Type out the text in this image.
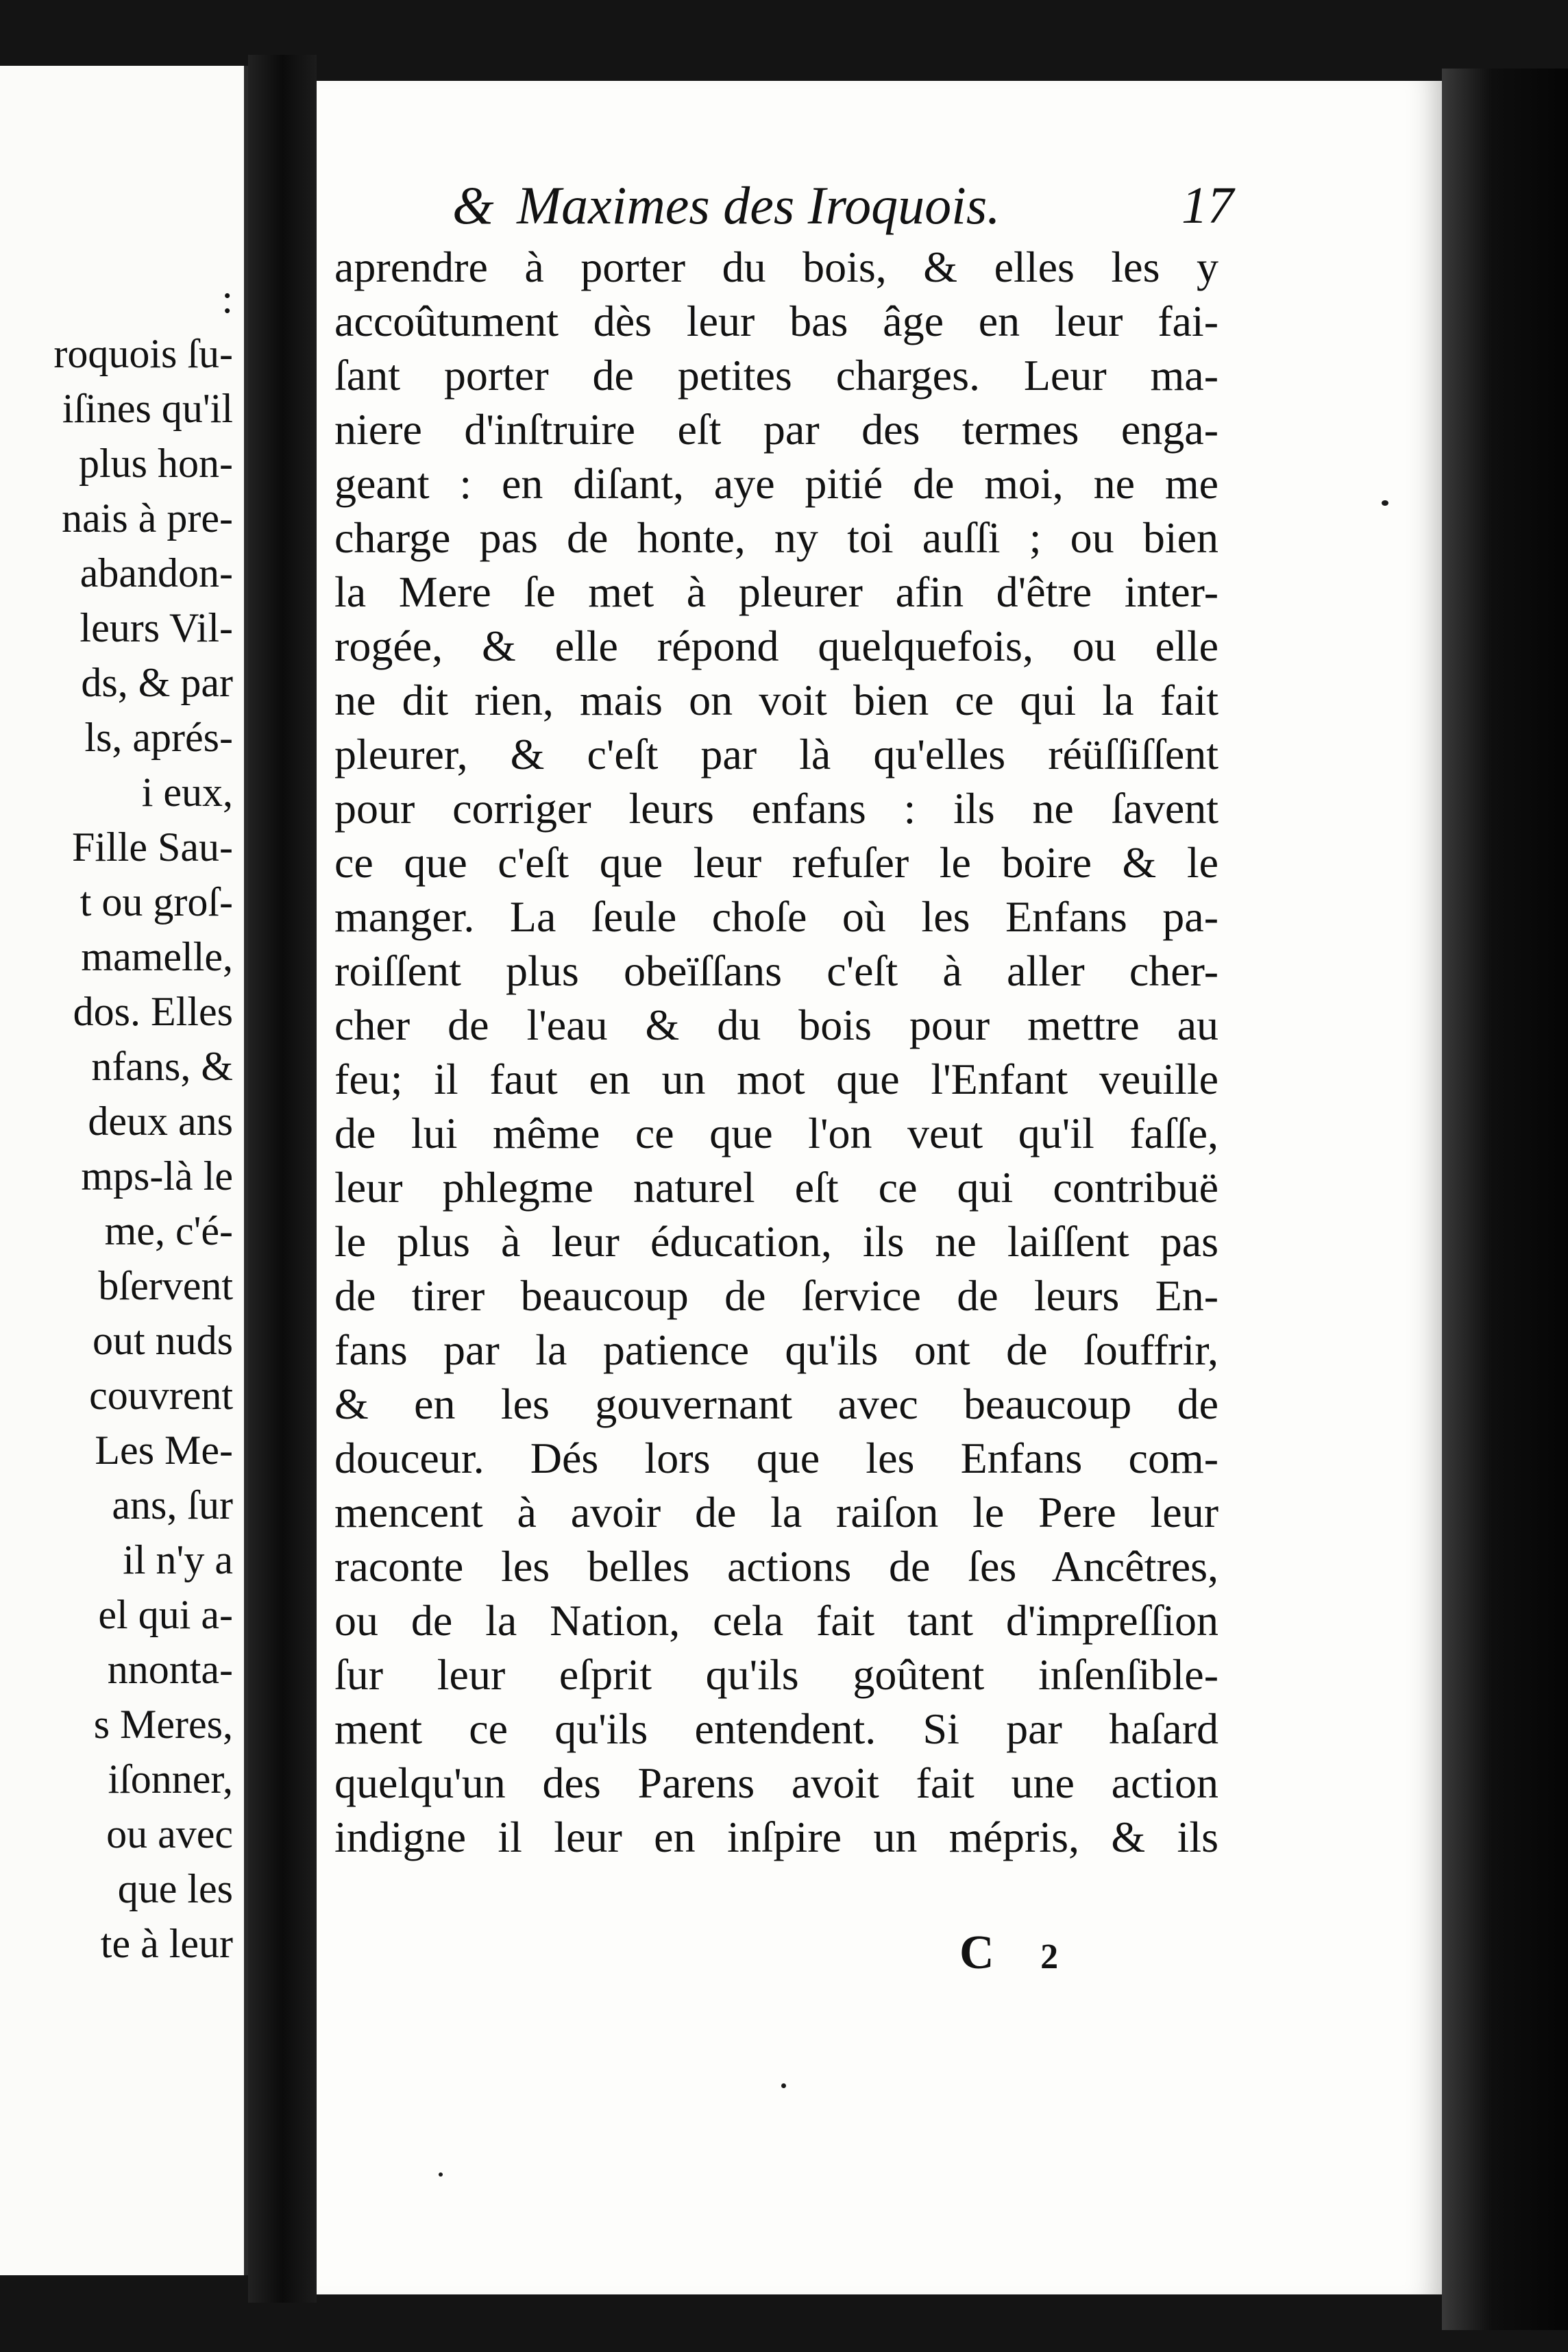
:
roquois ſu-
iſines qu'il
plus hon-
nais à pre-
abandon-
leurs Vil-
ds, & par
ls, aprés-
i eux,
Fille Sau-
t ou groſ-
mamelle,
dos. Elles
nfans, &
deux ans
mps-là le
me, c'é-
bſervent
out nuds
couvrent
Les Me-
ans, ſur
il n'y a
el qui a-
nnonta-
s Meres,
iſonner,
ou avec
que les
te à leur
& Maximes des Iroquois.	17
aprendre à porter du bois, & elles les y
accoûtument dès leur bas âge en leur fai-
ſant porter de petites charges. Leur ma-
niere d'inſtruire eſt par des termes enga-
geant : en diſant, aye pitié de moi, ne me
charge pas de honte, ny toi auſſi ; ou bien
la Mere ſe met à pleurer afin d'être inter-
rogée, & elle répond quelquefois, ou elle
ne dit rien, mais on voit bien ce qui la fait
pleurer, & c'eſt par là qu'elles réüſſiſſent
pour corriger leurs enfans : ils ne ſavent
ce que c'eſt que leur refuſer le boire & le
manger. La ſeule choſe où les Enfans pa-
roiſſent plus obeïſſans c'eſt à aller cher-
cher de l'eau & du bois pour mettre au
feu; il faut en un mot que l'Enfant veuille
de lui même ce que l'on veut qu'il faſſe,
leur phlegme naturel eſt ce qui contribuë
le plus à leur éducation, ils ne laiſſent pas
de tirer beaucoup de ſervice de leurs En-
fans par la patience qu'ils ont de ſouffrir,
& en les gouvernant avec beaucoup de
douceur. Dés lors que les Enfans com-
mencent à avoir de la raiſon le Pere leur
raconte les belles actions de ſes Ancêtres,
ou de la Nation, cela fait tant d'impreſſion
ſur leur eſprit qu'ils goûtent inſenſible-
ment ce qu'ils entendent. Si par haſard
quelqu'un des Parens avoit fait une action
indigne il leur en inſpire un mépris, & ils
C 2
